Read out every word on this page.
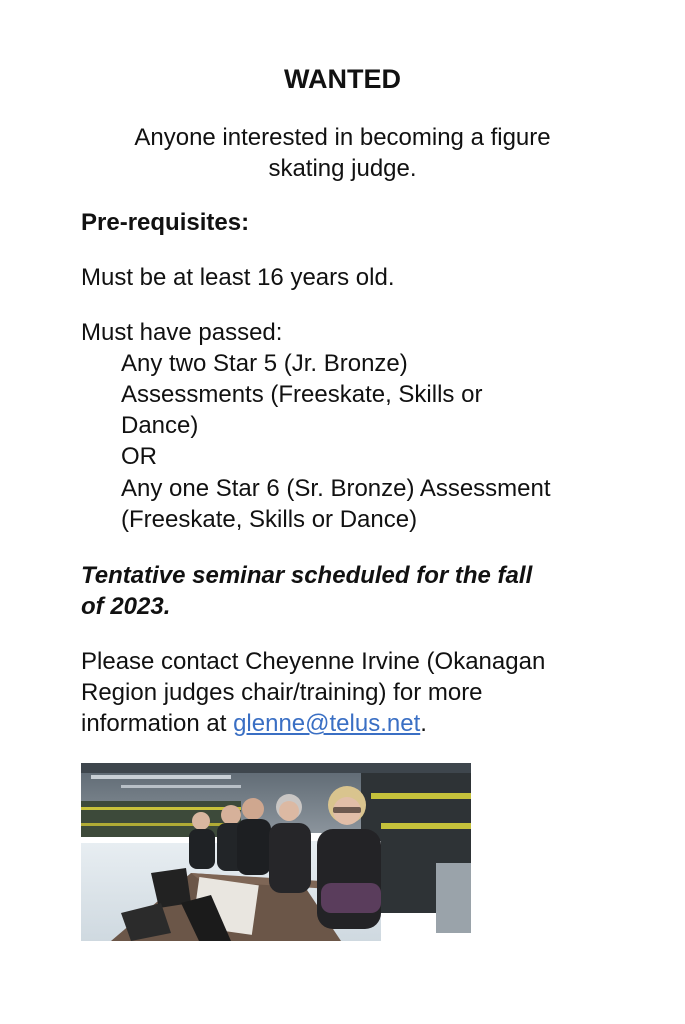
WANTED
Anyone interested in becoming a figure
skating judge.
Pre-requisites:
Must be at least 16 years old.
Must have passed:
Any two Star 5 (Jr. Bronze)
Assessments (Freeskate, Skills or
Dance)
OR
Any one Star 6 (Sr. Bronze) Assessment
(Freeskate, Skills or Dance)
Tentative seminar scheduled for the fall
of 2023.
Please contact Cheyenne Irvine (Okanagan
Region judges chair/training) for more
information at glenne@telus.net.
